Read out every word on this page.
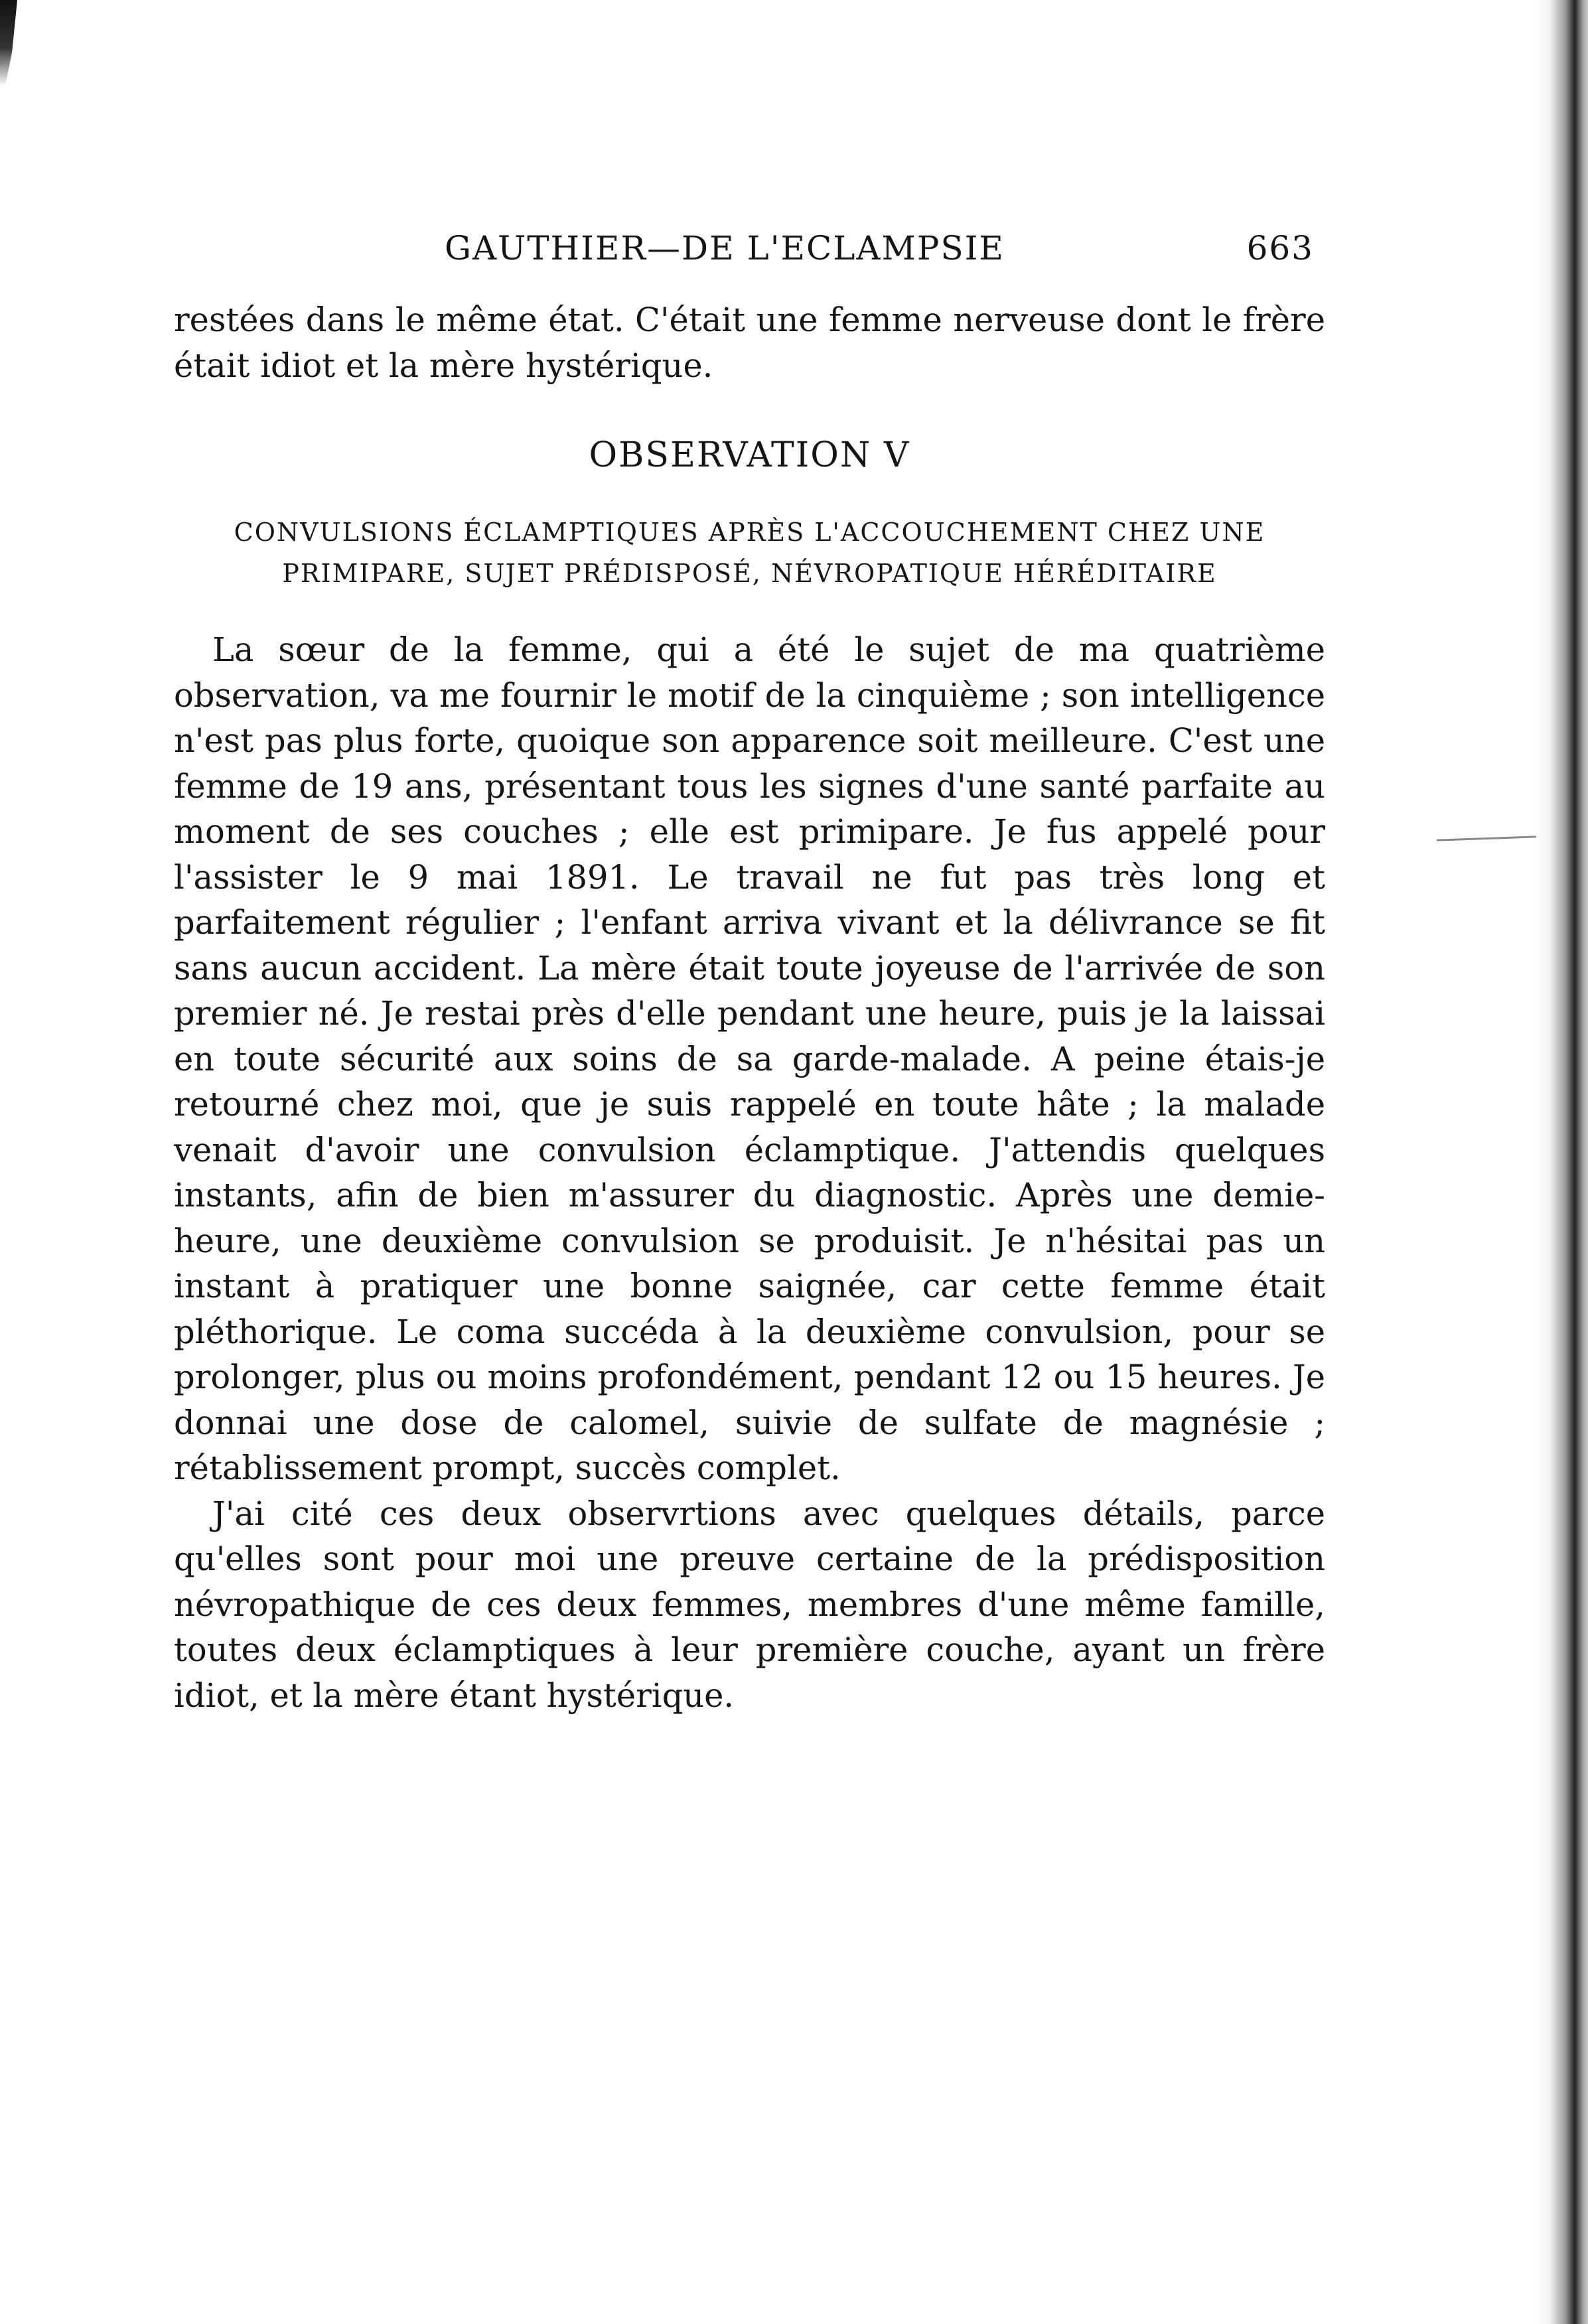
GAUTHIER—DE L'ECLAMPSIE	663

restées dans le même état. C'était une femme nerveuse dont le frère était idiot et la mère hystérique.

OBSERVATION V

CONVULSIONS ÉCLAMPTIQUES APRÈS L'ACCOUCHEMENT CHEZ UNE PRIMIPARE, SUJET PRÉDISPOSÉ, NÉVROPATIQUE HÉRÉDITAIRE

La sœur de la femme, qui a été le sujet de ma quatrième observation, va me fournir le motif de la cinquième ; son intelligence n'est pas plus forte, quoique son apparence soit meilleure. C'est une femme de 19 ans, présentant tous les signes d'une santé parfaite au moment de ses couches ; elle est primipare. Je fus appelé pour l'assister le 9 mai 1891. Le travail ne fut pas très long et parfaitement régulier ; l'enfant arriva vivant et la délivrance se fit sans aucun accident. La mère était toute joyeuse de l'arrivée de son premier né. Je restai près d'elle pendant une heure, puis je la laissai en toute sécurité aux soins de sa garde-malade. A peine étais-je retourné chez moi, que je suis rappelé en toute hâte ; la malade venait d'avoir une convulsion éclamptique. J'attendis quelques instants, afin de bien m'assurer du diagnostic. Après une demie-heure, une deuxième convulsion se produisit. Je n'hésitai pas un instant à pratiquer une bonne saignée, car cette femme était pléthorique. Le coma succéda à la deuxième convulsion, pour se prolonger, plus ou moins profondément, pendant 12 ou 15 heures. Je donnai une dose de calomel, suivie de sulfate de magnésie ; rétablissement prompt, succès complet.

J'ai cité ces deux observrtions avec quelques détails, parce qu'elles sont pour moi une preuve certaine de la prédisposition névropathique de ces deux femmes, membres d'une même famille, toutes deux éclamptiques à leur première couche, ayant un frère idiot, et la mère étant hystérique.
